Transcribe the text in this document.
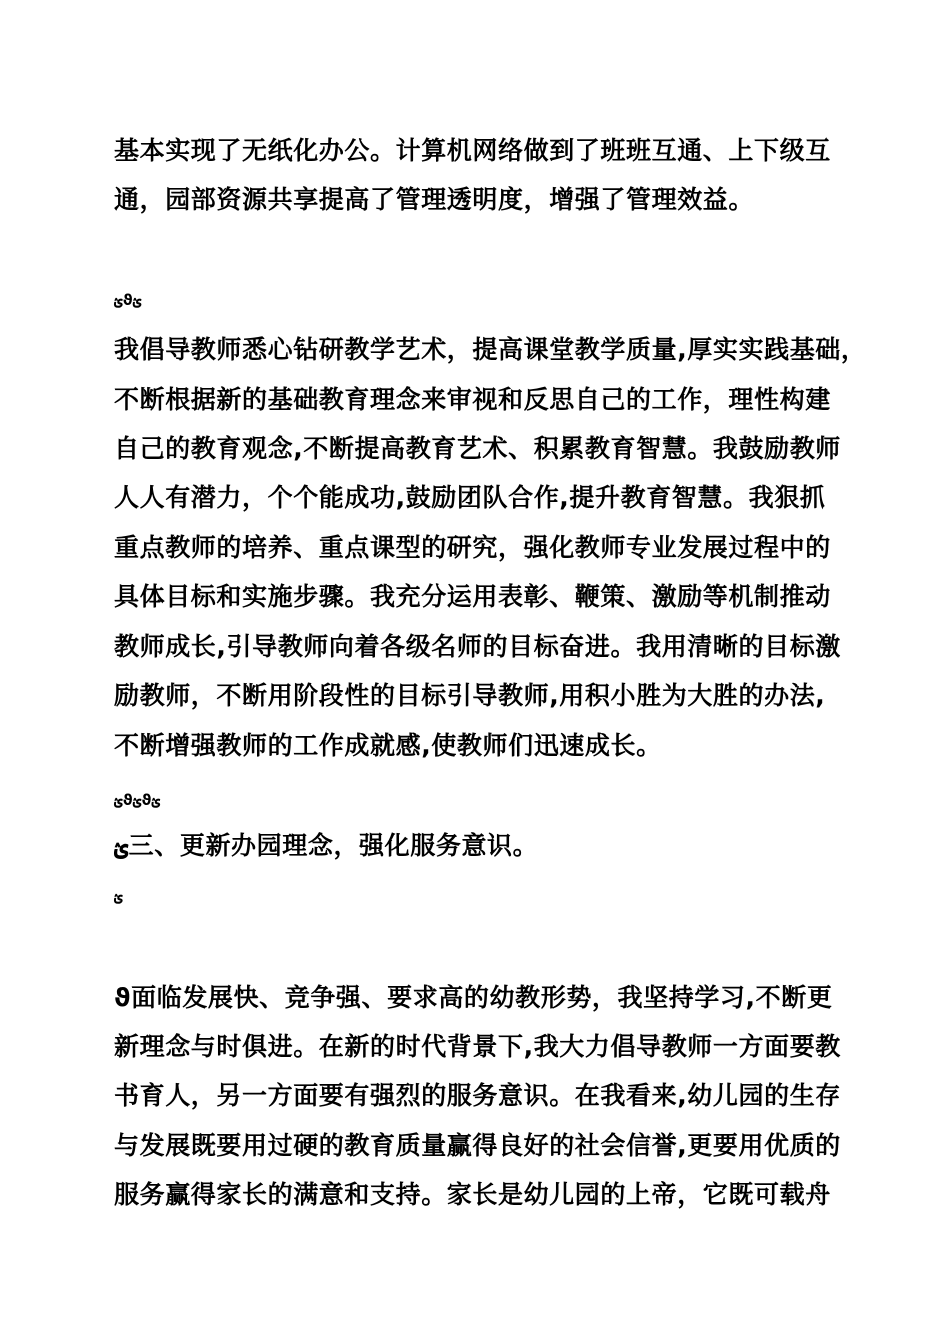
基本实现了无纸化办公。计算机网络做到了班班互通、上下级互
通，园部资源共享提高了管理透明度，增强了管理效益。
ؽϑؽ
我倡导教师悉心钻研教学艺术，提高课堂教学质量,厚实实践基础，
不断根据新的基础教育理念来审视和反思自己的工作，理性构建
自己的教育观念,不断提高教育艺术、积累教育智慧。我鼓励教师
人人有潜力，个个能成功,鼓励团队合作,提升教育智慧。我狠抓
重点教师的培养、重点课型的研究，强化教师专业发展过程中的
具体目标和实施步骤。我充分运用表彰、鞭策、激励等机制推动
教师成长,引导教师向着各级名师的目标奋进。我用清晰的目标激
励教师，不断用阶段性的目标引导教师,用积小胜为大胜的办法,
不断增强教师的工作成就感,使教师们迅速成长。
ؽϑؽϑؽ
ؽ三、更新办园理念，强化服务意识。
ؽ
ϑ面临发展快、竞争强、要求高的幼教形势，我坚持学习,不断更
新理念与时俱进。在新的时代背景下,我大力倡导教师一方面要教
书育人，另一方面要有强烈的服务意识。在我看来,幼儿园的生存
与发展既要用过硬的教育质量赢得良好的社会信誉,更要用优质的
服务赢得家长的满意和支持。家长是幼儿园的上帝，它既可载舟
